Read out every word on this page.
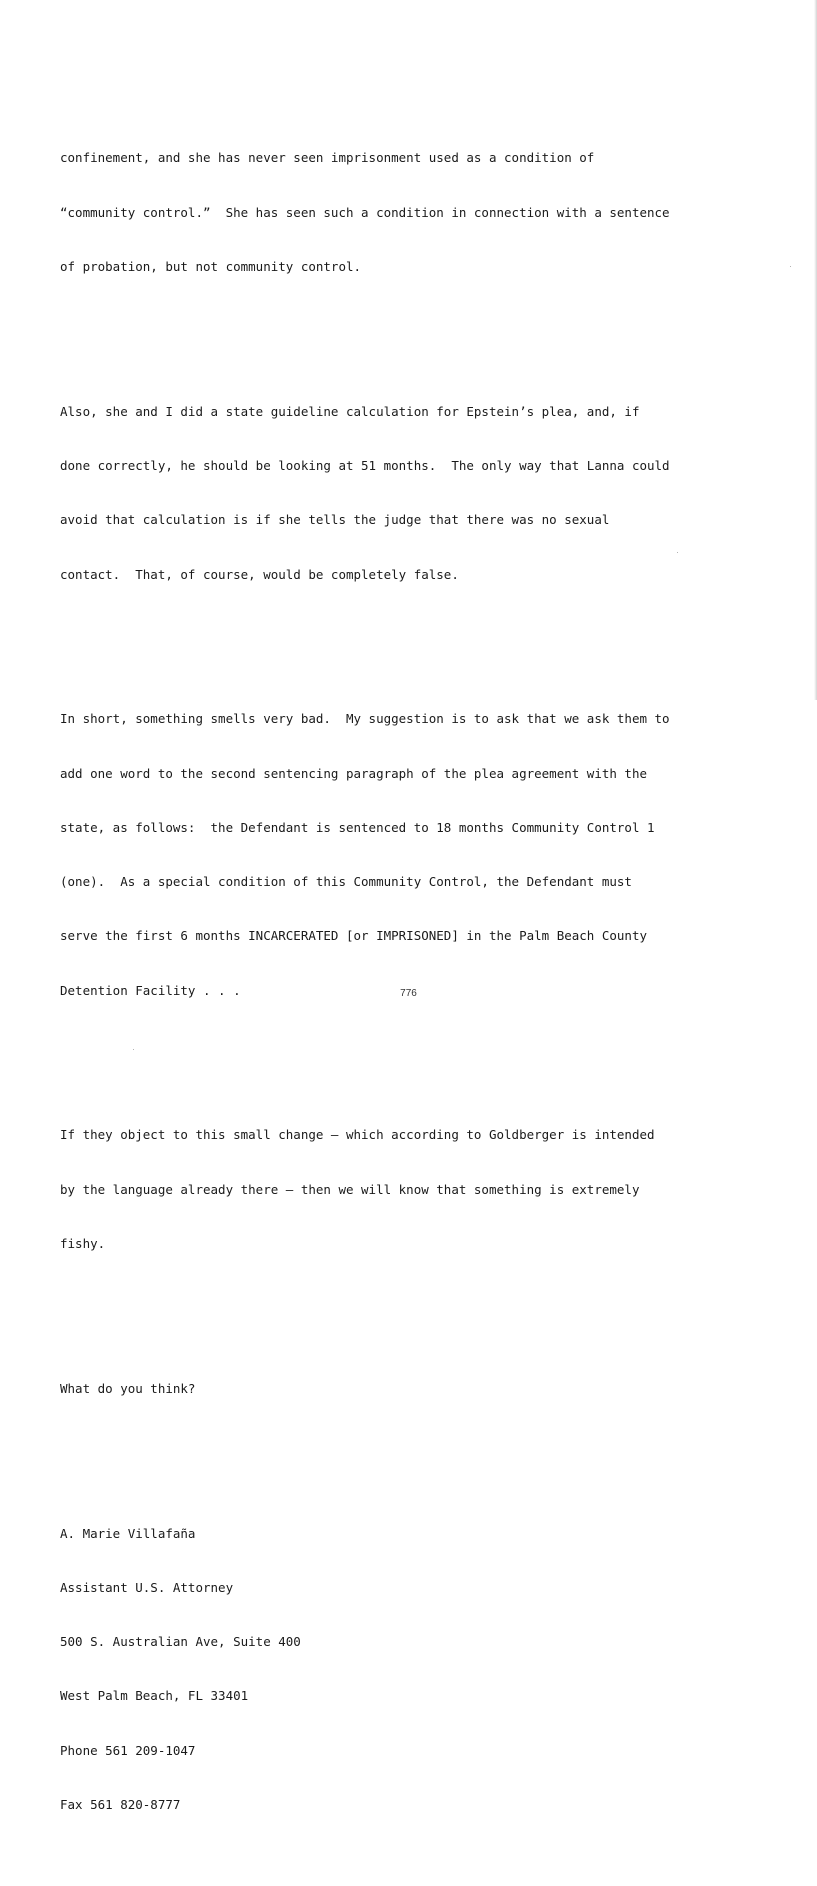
confinement, and she has never seen imprisonment used as a condition of

“community control.”  She has seen such a condition in connection with a sentence

of probation, but not community control.

Also, she and I did a state guideline calculation for Epstein’s plea, and, if

done correctly, he should be looking at 51 months.  The only way that Lanna could

avoid that calculation is if she tells the judge that there was no sexual

contact.  That, of course, would be completely false.

In short, something smells very bad.  My suggestion is to ask that we ask them to

add one word to the second sentencing paragraph of the plea agreement with the

state, as follows:  the Defendant is sentenced to 18 months Community Control 1

(one).  As a special condition of this Community Control, the Defendant must

serve the first 6 months INCARCERATED [or IMPRISONED] in the Palm Beach County

Detention Facility . . .

If they object to this small change – which according to Goldberger is intended

by the language already there – then we will know that something is extremely

fishy.

What do you think?

A. Marie Villafaña

Assistant U.S. Attorney

500 S. Australian Ave, Suite 400

West Palm Beach, FL 33401

Phone 561 209-1047

Fax 561 820-8777

776
